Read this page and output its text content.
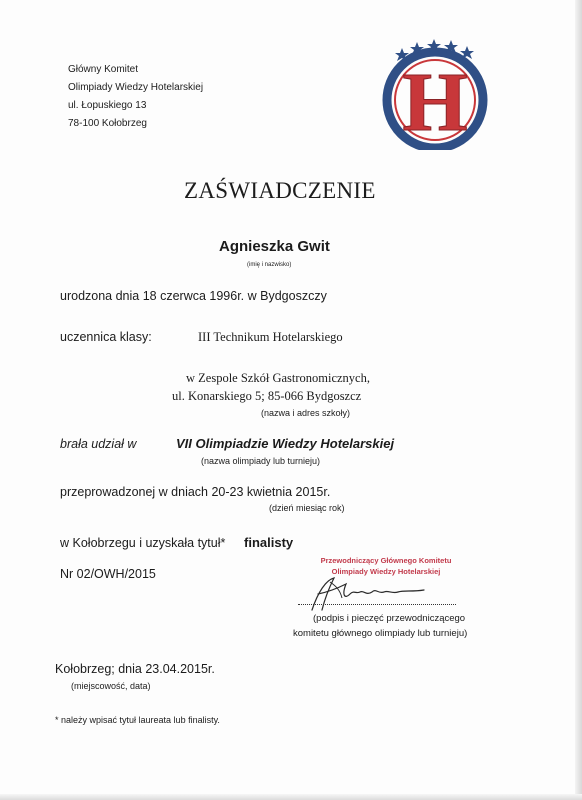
Główny Komitet
Olimpiady Wiedzy Hotelarskiej
ul. Łopuskiego 13
78-100 Kołobrzeg	H
ZAŚWIADCZENIE
Agnieszka Gwit
(imię i nazwisko)
urodzona dnia 18 czerwca 1996r. w Bydgoszczy
uczennica klasy:	III Technikum Hotelarskiego
w Zespole Szkół Gastronomicznych,
ul. Konarskiego 5; 85-066 Bydgoszcz
(nazwa i adres szkoły)
brała udział w	VII Olimpiadzie Wiedzy Hotelarskiej
(nazwa olimpiady lub turnieju)
przeprowadzonej w dniach 20-23 kwietnia 2015r.
(dzień miesiąc rok)
w Kołobrzegu i uzyskała tytuł* finalisty
Nr 02/OWH/2015
Przewodniczący Głównego Komitetu
Olimpiady Wiedzy Hotelarskiej
(podpis i pieczęć przewodniczącego
komitetu głównego olimpiady lub turnieju)
Kołobrzeg; dnia 23.04.2015r.
(miejscowość, data)
* należy wpisać tytuł laureata lub finalisty.
